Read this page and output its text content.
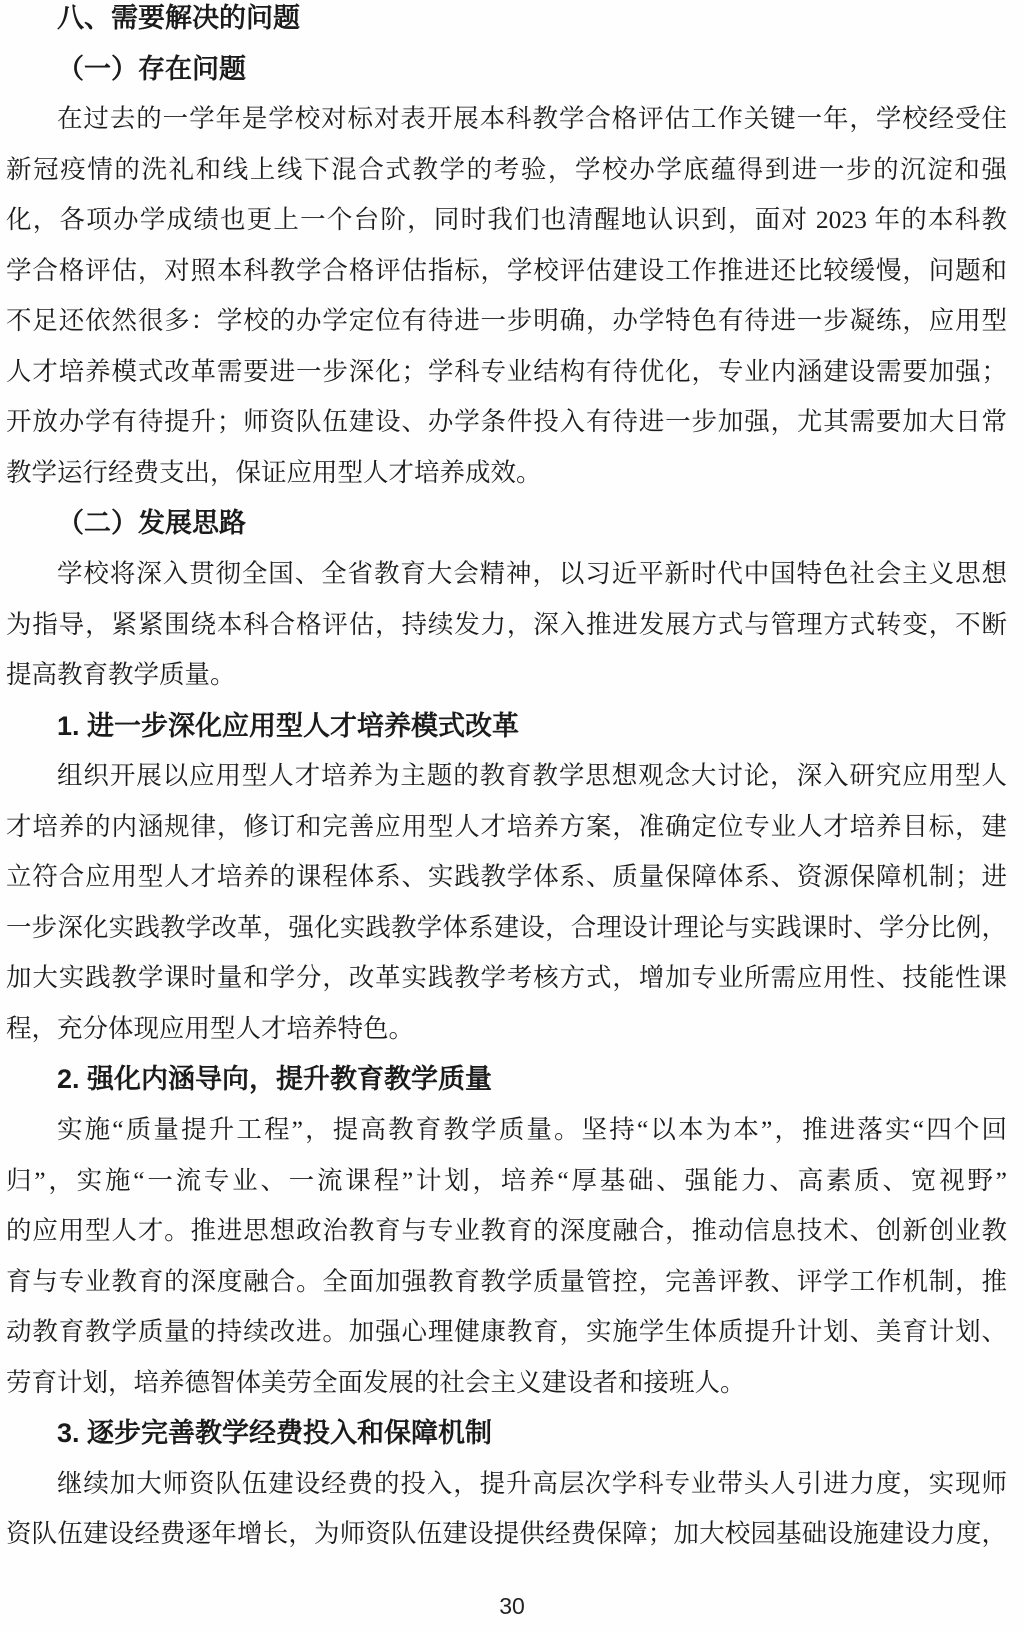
八、需要解决的问题
（一）存在问题
在过去的一学年是学校对标对表开展本科教学合格评估工作关键一年，学校经受住
新冠疫情的洗礼和线上线下混合式教学的考验，学校办学底蕴得到进一步的沉淀和强
化，各项办学成绩也更上一个台阶，同时我们也清醒地认识到，面对 2023 年的本科教
学合格评估，对照本科教学合格评估指标，学校评估建设工作推进还比较缓慢，问题和
不足还依然很多：学校的办学定位有待进一步明确，办学特色有待进一步凝练，应用型
人才培养模式改革需要进一步深化；学科专业结构有待优化，专业内涵建设需要加强；
开放办学有待提升；师资队伍建设、办学条件投入有待进一步加强，尤其需要加大日常
教学运行经费支出，保证应用型人才培养成效。
（二）发展思路
学校将深入贯彻全国、全省教育大会精神，以习近平新时代中国特色社会主义思想
为指导，紧紧围绕本科合格评估，持续发力，深入推进发展方式与管理方式转变，不断
提高教育教学质量。
1. 进一步深化应用型人才培养模式改革
组织开展以应用型人才培养为主题的教育教学思想观念大讨论，深入研究应用型人
才培养的内涵规律，修订和完善应用型人才培养方案，准确定位专业人才培养目标，建
立符合应用型人才培养的课程体系、实践教学体系、质量保障体系、资源保障机制；进
一步深化实践教学改革，强化实践教学体系建设，合理设计理论与实践课时、学分比例，
加大实践教学课时量和学分，改革实践教学考核方式，增加专业所需应用性、技能性课
程，充分体现应用型人才培养特色。
2. 强化内涵导向，提升教育教学质量
实施“质量提升工程”，提高教育教学质量。坚持“以本为本”，推进落实“四个回
归”，实施“一流专业、一流课程”计划，培养“厚基础、强能力、高素质、宽视野”
的应用型人才。推进思想政治教育与专业教育的深度融合，推动信息技术、创新创业教
育与专业教育的深度融合。全面加强教育教学质量管控，完善评教、评学工作机制，推
动教育教学质量的持续改进。加强心理健康教育，实施学生体质提升计划、美育计划、
劳育计划，培养德智体美劳全面发展的社会主义建设者和接班人。
3. 逐步完善教学经费投入和保障机制
继续加大师资队伍建设经费的投入，提升高层次学科专业带头人引进力度，实现师
资队伍建设经费逐年增长，为师资队伍建设提供经费保障；加大校园基础设施建设力度，
30
